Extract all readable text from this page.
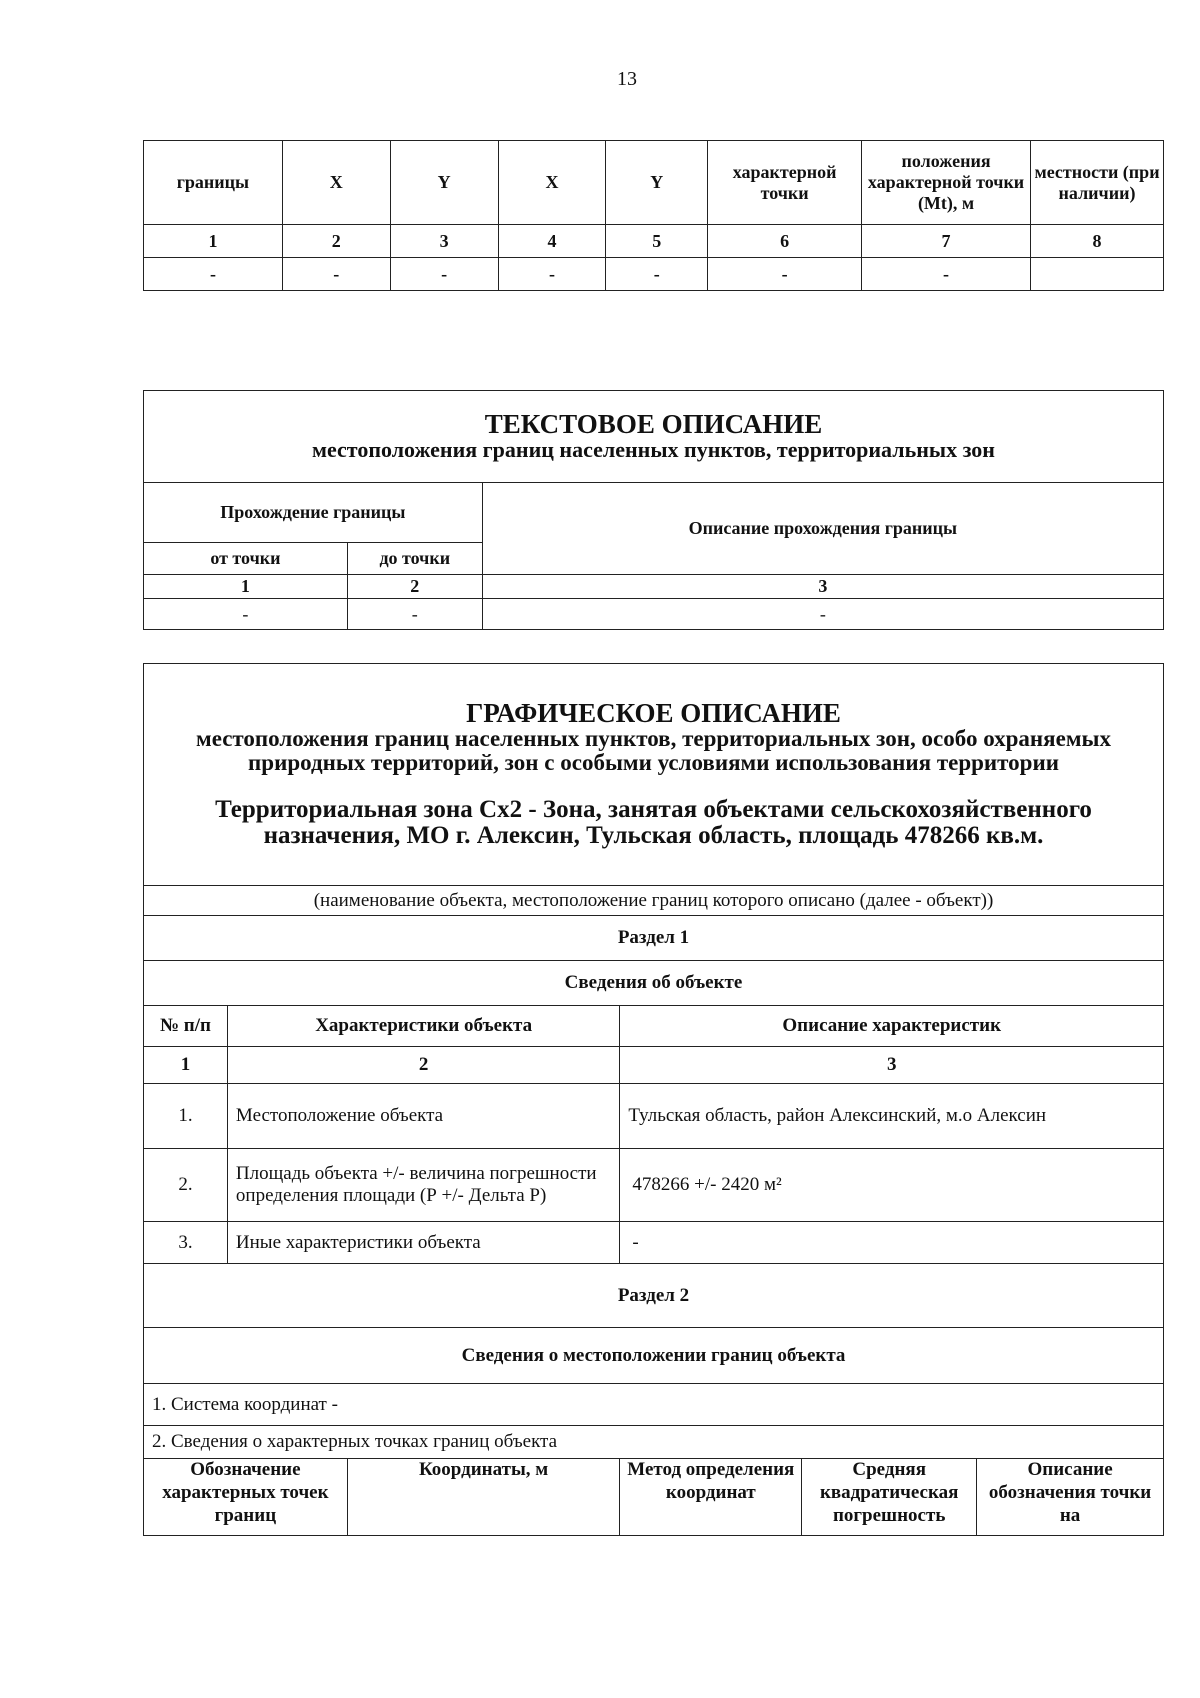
13
границы	X	Y	X	Y	характерной точки	положения характерной точки (Mt), м	местности (при наличии)
1	2	3	4	5	6	7	8
-	-	-	-	-	-	-	
ТЕКСТОВОЕ ОПИСАНИЕ
местоположения границ населенных пунктов, территориальных зон		

Прохождение границы		Описание прохождения границы
от точки	до точки	
1	2	3
-	-	-
ГРАФИЧЕСКОЕ ОПИСАНИЕ
местоположения границ населенных пунктов, территориальных зон, особо охраняемых природных территорий, зон с особыми условиями использования территории
Территориальная зона Сх2 - Зона, занятая объектами сельскохозяйственного назначения, МО г. Алексин, Тульская область, площадь 478266 кв.м.					

(наименование объекта, местоположение границ которого описано (далее - объект))					
Раздел 1					
Сведения об объекте					
№ п/п	Характеристики объекта		Описание характеристик		
1	2		3		
1.	Местоположение объекта		Тульская область, район Алексинский, м.о Алексин		
2.	Площадь объекта +/- величина погрешности определения площади (Р +/- Дельта Р)		478266 +/- 2420 м²		
3.	Иные характеристики объекта		-		
Раздел 2					
Сведения о местоположении границ объекта					
1. Система координат -					
2. Сведения о характерных точках границ объекта					
Обозначение характерных точек границ		Координаты, м	Метод определения координат	Средняя квадратическая погрешность	Описание обозначения точки на
